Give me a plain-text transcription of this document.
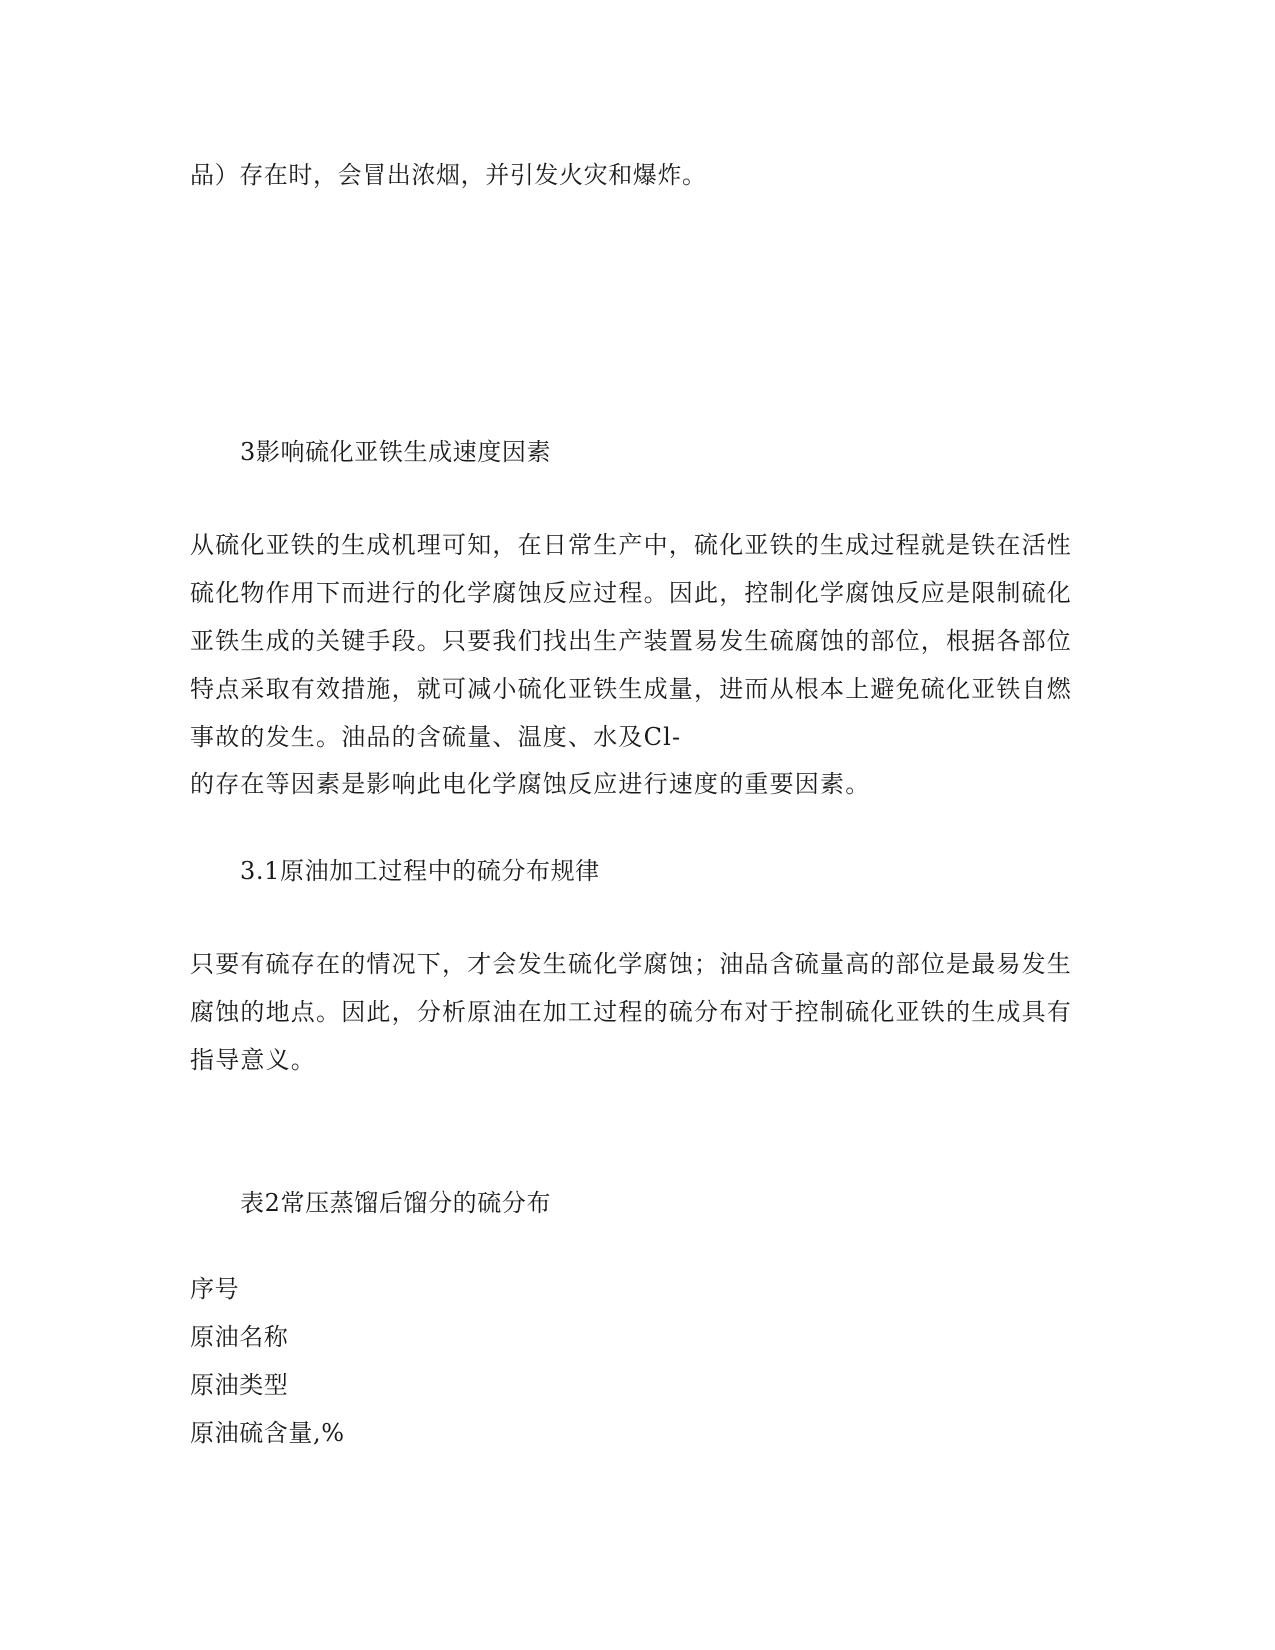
品）存在时，会冒出浓烟，并引发火灾和爆炸。
3影响硫化亚铁生成速度因素
从硫化亚铁的生成机理可知，在日常生产中，硫化亚铁的生成过程就是铁在活性
硫化物作用下而进行的化学腐蚀反应过程。因此，控制化学腐蚀反应是限制硫化
亚铁生成的关键手段。只要我们找出生产装置易发生硫腐蚀的部位，根据各部位
特点采取有效措施，就可减小硫化亚铁生成量，进而从根本上避免硫化亚铁自燃
事故的发生。油品的含硫量、温度、水及Cl-
的存在等因素是影响此电化学腐蚀反应进行速度的重要因素。
3.1原油加工过程中的硫分布规律
只要有硫存在的情况下，才会发生硫化学腐蚀；油品含硫量高的部位是最易发生
腐蚀的地点。因此，分析原油在加工过程的硫分布对于控制硫化亚铁的生成具有
指导意义。
表2常压蒸馏后馏分的硫分布
序号
原油名称
原油类型
原油硫含量,%
